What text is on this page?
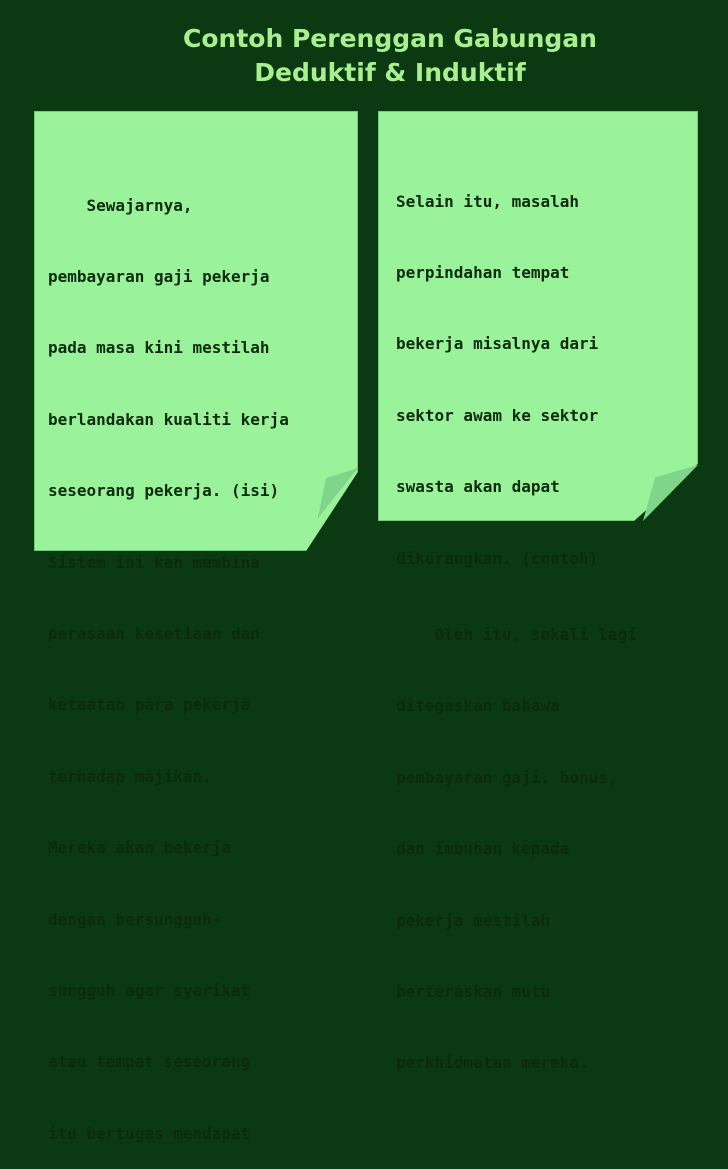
Contoh Perenggan Gabungan
Deduktif & Induktif

Sewajarnya,

pembayaran gaji pekerja

pada masa kini mestilah

berlandakan kualiti kerja

seseorang pekerja. (isi)

Sistem ini kan membina

perasaan kesetiaan dan

ketaatan para pekerja

terhadap majikan.

Mereka akan bekerja

dengan bersungguh-

sungguh agar syarikat

atau tempat seseorang

itu bertugas mendapat

Selain itu, masalah

perpindahan tempat

bekerja misalnya dari

sektor awam ke sektor

swasta akan dapat

dikurangkan. (contoh)

Oleh itu, sekali lagi

ditegaskan bahawa

pembayaran gaji, bonus,

dan imbuhan kepada

pekerja mestilah

berteraskan mutu

perkhidmatan mereka.
